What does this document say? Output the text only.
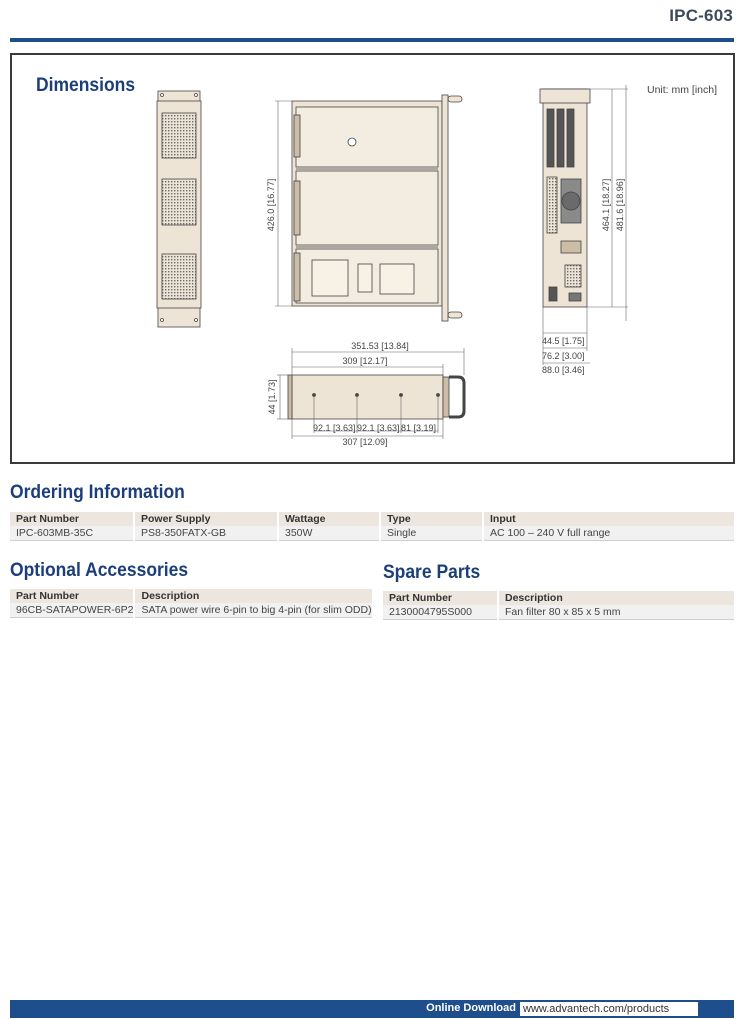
IPC-603
Dimensions	Unit: mm [inch]
426.0 [16.77]	464.1 [18.27] 481.6 [18.96]
44.5 [1.75]
76.2 [3.00]
88.0 [3.46]
351.53 [13.84]
309 [12.17]
44 [1.73]
92.1 [3.63] 92.1 [3.63] 81 [3.19]
307 [12.09]
Ordering Information
Part Number	Power Supply	Wattage	Type	Input
IPC-603MB-35C	PS8-350FATX-GB	350W	Single	AC 100 – 240 V full range
Optional Accessories
Part Number	Description
96CB-SATAPOWER-6P2	SATA power wire 6-pin to big 4-pin (for slim ODD)
Spare Parts
Part Number	Description
2130004795S000	Fan filter 80 x 85 x 5 mm
Online Download www.advantech.com/products
